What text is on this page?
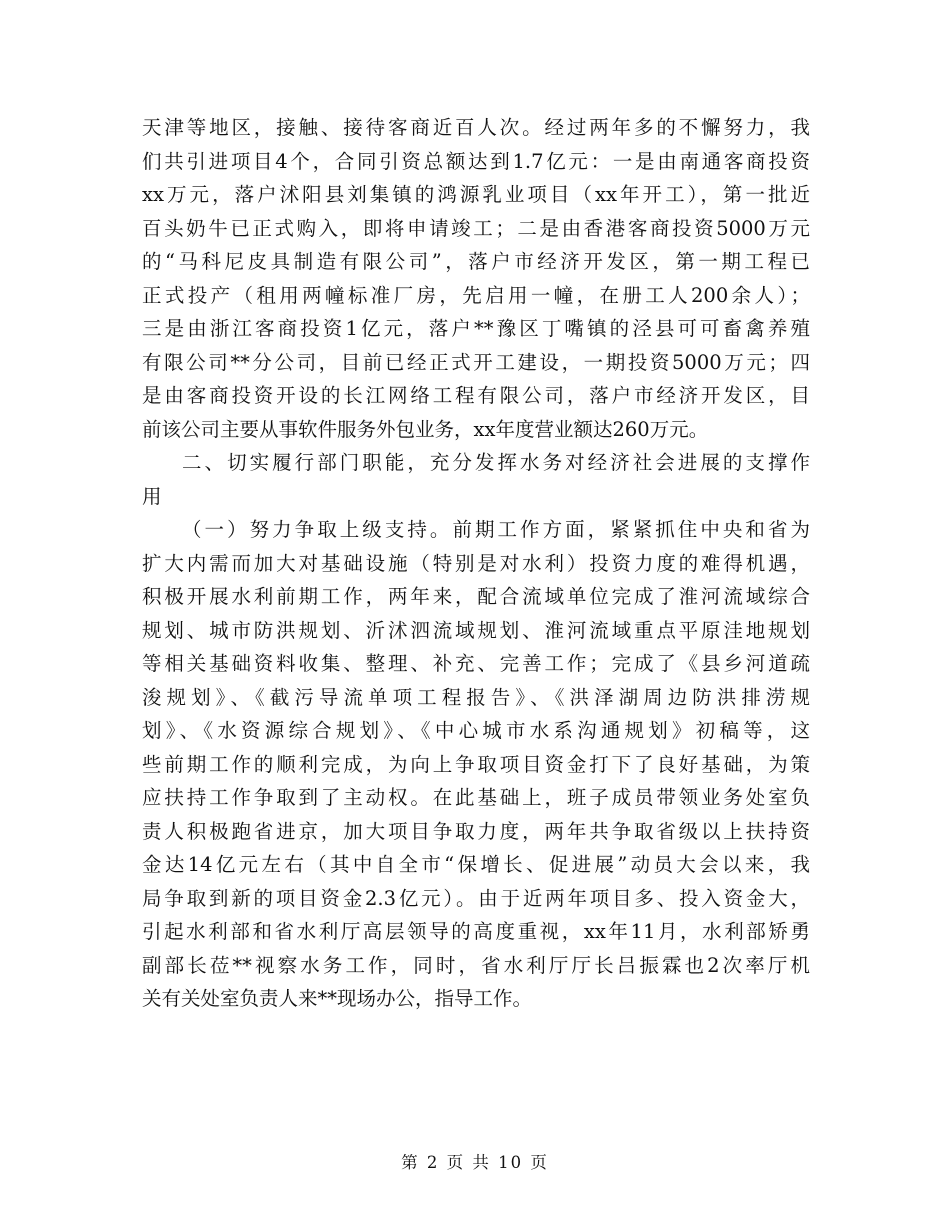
天津等地区，接触、接待客商近百人次。经过两年多的不懈努力，我
们共引进项目4个，合同引资总额达到1.7亿元：一是由南通客商投资
xx万元，落户沭阳县刘集镇的鸿源乳业项目（xx年开工），第一批近
百头奶牛已正式购入，即将申请竣工；二是由香港客商投资5000万元
的“马科尼皮具制造有限公司”，落户市经济开发区，第一期工程已
正式投产（租用两幢标准厂房，先启用一幢，在册工人200余人）；
三是由浙江客商投资1亿元，落户**豫区丁嘴镇的泾县可可畜禽养殖
有限公司**分公司，目前已经正式开工建设，一期投资5000万元；四
是由客商投资开设的长江网络工程有限公司，落户市经济开发区，目
前该公司主要从事软件服务外包业务，xx年度营业额达260万元。
二、切实履行部门职能，充分发挥水务对经济社会进展的支撑作
用
（一）努力争取上级支持。前期工作方面，紧紧抓住中央和省为
扩大内需而加大对基础设施（特别是对水利）投资力度的难得机遇，
积极开展水利前期工作，两年来，配合流域单位完成了淮河流域综合
规划、城市防洪规划、沂沭泗流域规划、淮河流域重点平原洼地规划
等相关基础资料收集、整理、补充、完善工作；完成了《县乡河道疏
浚规划》、《截污导流单项工程报告》、《洪泽湖周边防洪排涝规
划》、《水资源综合规划》、《中心城市水系沟通规划》初稿等，这
些前期工作的顺利完成，为向上争取项目资金打下了良好基础，为策
应扶持工作争取到了主动权。在此基础上，班子成员带领业务处室负
责人积极跑省进京，加大项目争取力度，两年共争取省级以上扶持资
金达14亿元左右（其中自全市“保增长、促进展”动员大会以来，我
局争取到新的项目资金2.3亿元）。由于近两年项目多、投入资金大，
引起水利部和省水利厅高层领导的高度重视，xx年11月，水利部矫勇
副部长莅**视察水务工作，同时，省水利厅厅长吕振霖也2次率厅机
关有关处室负责人来**现场办公，指导工作。
第 2 页 共 10 页
